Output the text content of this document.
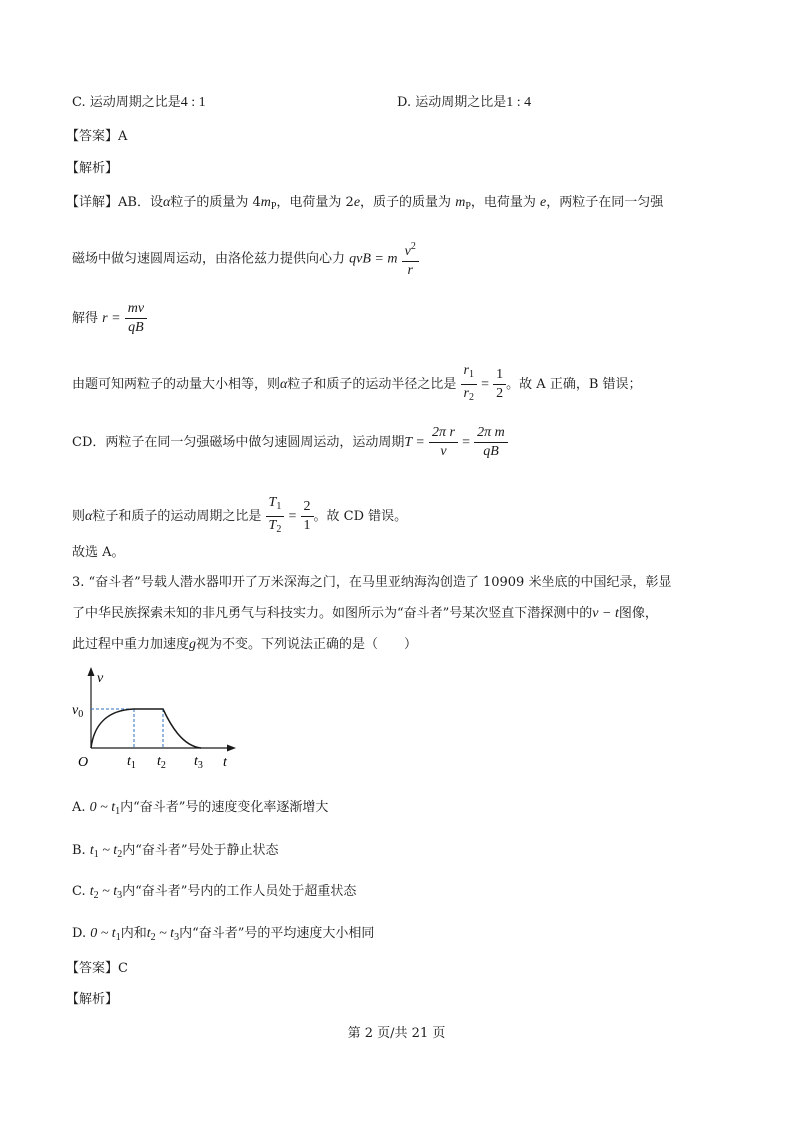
C. 运动周期之比是4 : 1	D. 运动周期之比是1 : 4
【答案】A
【解析】
【详解】AB．设α粒子的质量为 $4m_P$，电荷量为 2e，质子的质量为 $m_P$，电荷量为 e，两粒子在同一匀强
磁场中做匀速圆周运动，由洛伦兹力提供向心力 qvB = m $\frac{v^2}{r}$
解得 $r = \frac{mv}{qB}$
由题可知两粒子的动量大小相等，则α粒子和质子的运动半径之比是 $\frac{r_1}{r_2} = \frac{1}{2}$ 。故 A 正确，B 错误；
CD．两粒子在同一匀强磁场中做匀速圆周运动，运动周期$T = \frac{\text{2π r}}{v} = \frac{\text{2π m}}{qB}$
则α粒子和质子的运动周期之比是 $\frac{T_1}{T_2} = \frac{2}{1}$ 。故 CD 错误。
故选 A。
3. “奋斗者”号载人潜水器叩开了万米深海之门，在马里亚纳海沟创造了 10909 米坐底的中国纪录，彰显
了中华民族探索未知的非凡勇气与科技实力。如图所示为“奋斗者”号某次竖直下潜探测中的v − t图像，
此过程中重力加速度g视为不变。下列说法正确的是（　　）
v
$v_0$
O	$t_1$ $t_2$ $t_3$ t
A. 0 ~ $t_1$内“奋斗者”号的速度变化率逐渐增大
B. $t_1$ ~ $t_2$内“奋斗者”号处于静止状态
C. $t_2$ ~ $t_3$内“奋斗者”号内的工作人员处于超重状态
D. 0 ~ $t_1$内和$t_2$ ~ $t_3$内“奋斗者”号的平均速度大小相同
【答案】C
【解析】
第 2 页/共 21 页
